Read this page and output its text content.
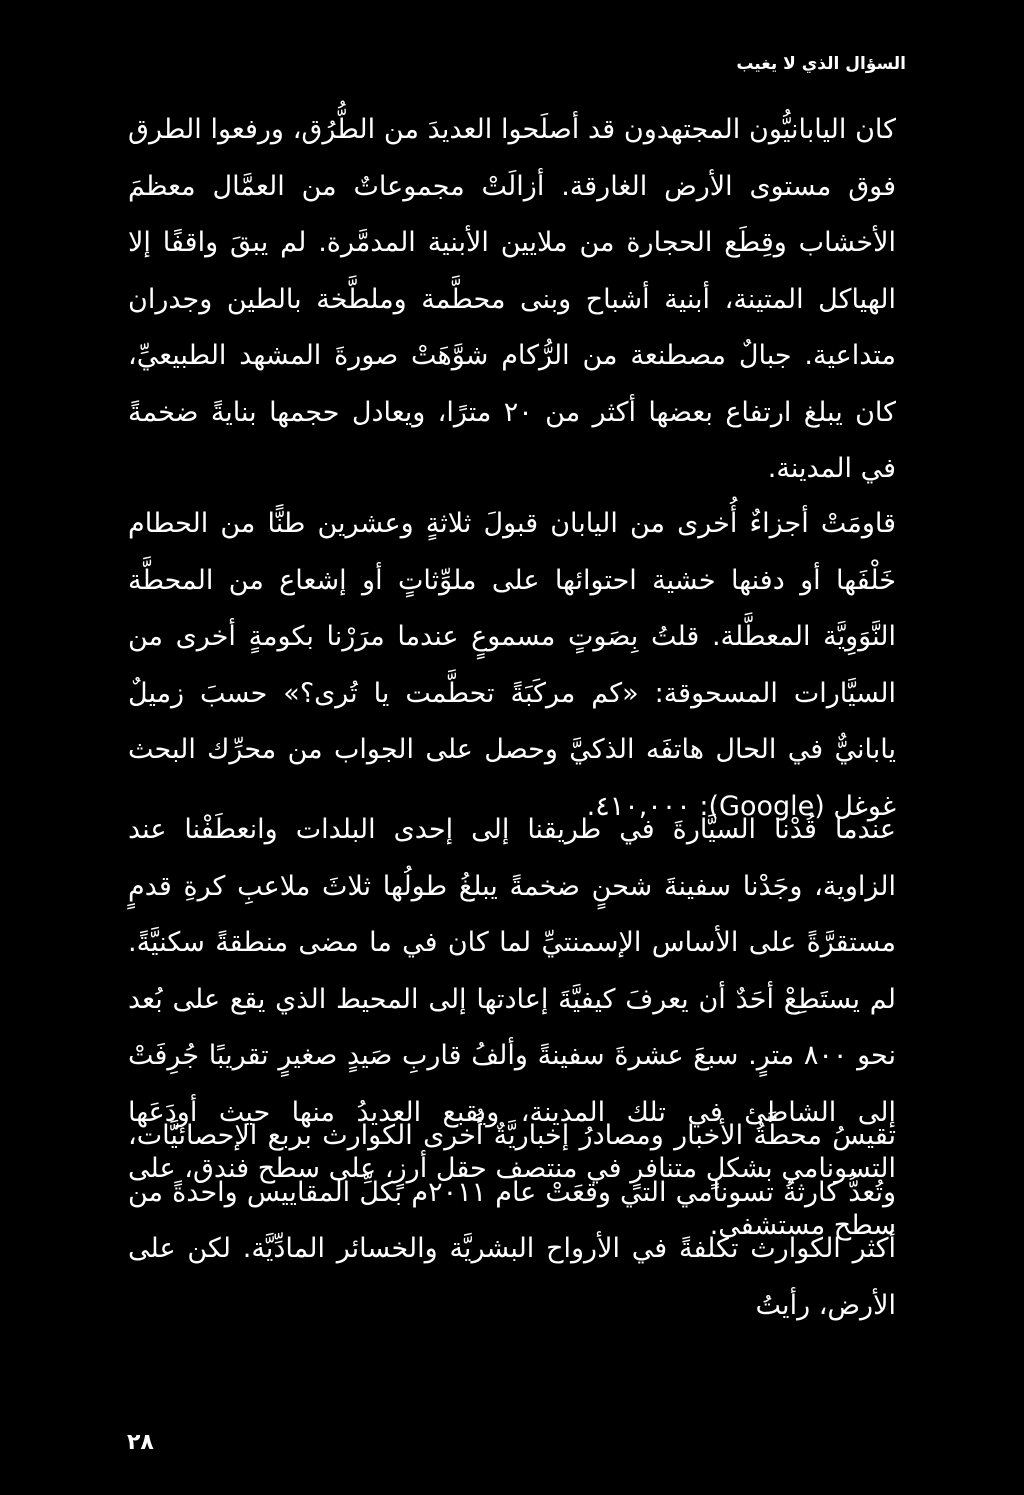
السؤال الذي لا يغيب

كان اليابانيُّون المجتهدون قد أصلَحوا العديدَ من الطُّرُق، ورفعوا الطرق فوق مستوى الأرض الغارقة. أزالَتْ مجموعاتٌ من العمَّال معظمَ الأخشاب وقِطَع الحجارة من ملايين الأبنية المدمَّرة. لم يبقَ واقفًا إلا الهياكل المتينة، أبنية أشباح وبنى محطَّمة وملطَّخة بالطين وجدران متداعية. جبالٌ مصطنعة من الرُّكام شوَّهَتْ صورةَ المشهد الطبيعيِّ، كان يبلغ ارتفاع بعضها أكثر من ٢٠ مترًا، ويعادل حجمها بنايةً ضخمةً في المدينة.

قاومَتْ أجزاءٌ أُخرى من اليابان قبولَ ثلاثةٍ وعشرين طنًّا من الحطام خَلْفَها أو دفنها خشية احتوائها على ملوِّثاتٍ أو إشعاع من المحطَّة النَّوَوِيَّة المعطَّلة. قلتُ بِصَوتٍ مسموعٍ عندما مرَرْنا بكومةٍ أخرى من السيَّارات المسحوقة: «كم مركَبَةً تحطَّمت يا تُرى؟» حسبَ زميلٌ يابانيٌّ في الحال هاتفَه الذكيَّ وحصل على الجواب من محرِّك البحث غوغل (Google): ٤١٠,٠٠٠.

عندما قُدْنا السيَّارةَ في طريقنا إلى إحدى البلدات وانعطَفْنا عند الزاوية، وجَدْنا سفينةَ شحنٍ ضخمةً يبلغُ طولُها ثلاثَ ملاعبِ كرةِ قدمٍ مستقرَّةً على الأساس الإسمنتيِّ لما كان في ما مضى منطقةً سكنيَّةً. لم يستَطِعْ أحَدٌ أن يعرفَ كيفيَّةَ إعادتها إلى المحيط الذي يقع على بُعد نحو ٨٠٠ مترٍ. سبعَ عشرةَ سفينةً وألفُ قاربِ صَيدٍ صغيرٍ تقريبًا جُرِفَتْ إلى الشاطئ في تلك المدينة، ويقبع العديدُ منها حيث أودَعَها التسونامي بشكلٍ متنافرٍ في منتصف حقل أرزٍ، على سطح فندق، على سطح مستشفى.

تقيسُ محطَّةُ الأخبار ومصادرُ إخباريَّةٌ أُخرى الكوارث بربع الإحصائيَّات، وتُعدُّ كارثةُ تسونامي التي وقعَتْ عام ٢٠١١م بكلِّ المقاييس واحدةً من أكثر الكوارث تكلفةً في الأرواح البشريَّة والخسائر المادِّيَّة. لكن على الأرض، رأيتُ

٢٨
